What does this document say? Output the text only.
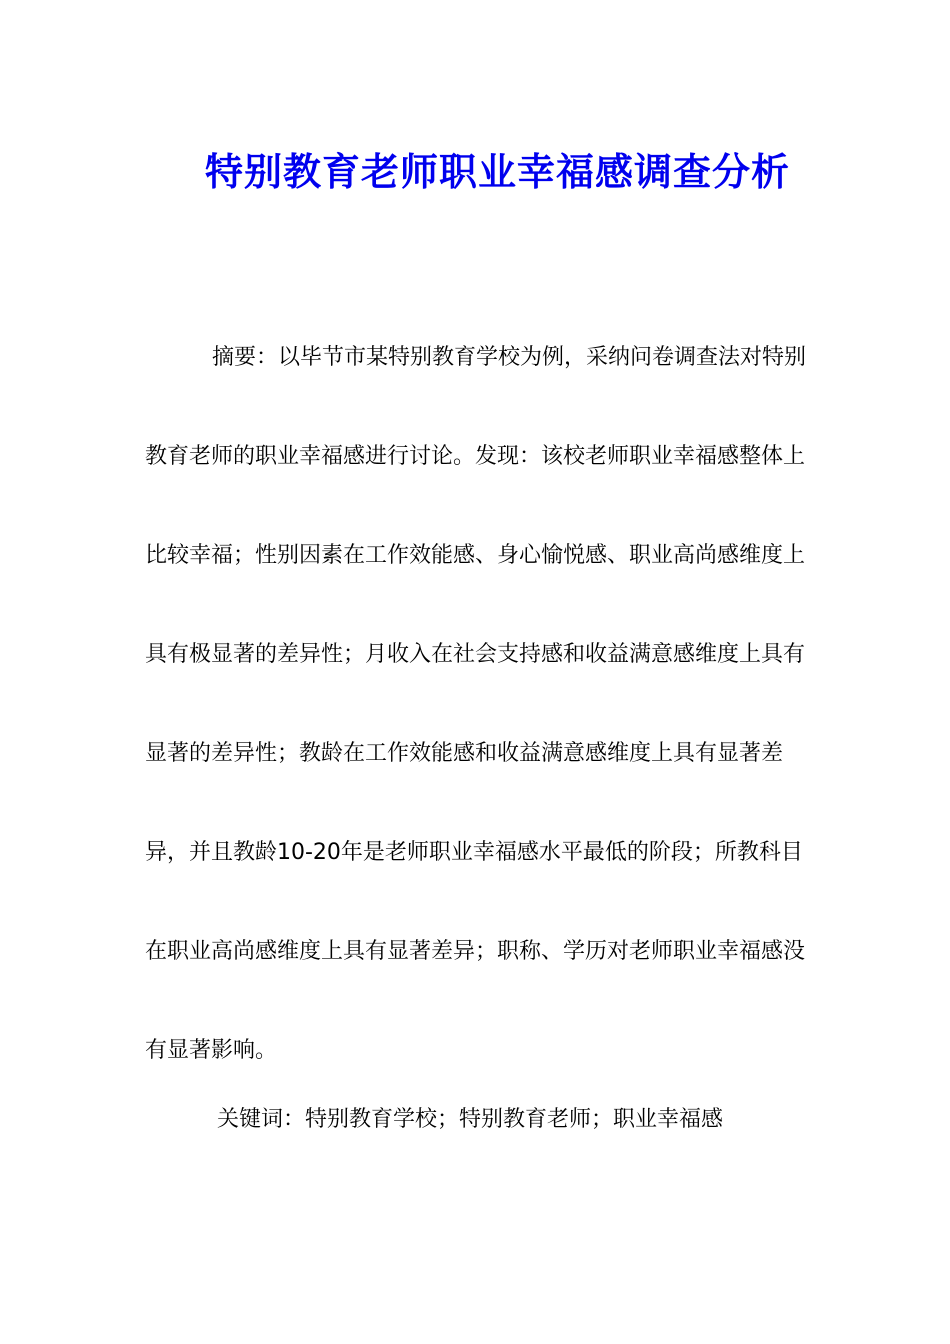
特别教育老师职业幸福感调查分析

摘要：以毕节市某特别教育学校为例，采纳问卷调查法对特别教育老师的职业幸福感进行讨论。发现：该校老师职业幸福感整体上比较幸福；性别因素在工作效能感、身心愉悦感、职业高尚感维度上具有极显著的差异性；月收入在社会支持感和收益满意感维度上具有显著的差异性；教龄在工作效能感和收益满意感维度上具有显著差异，并且教龄10-20年是老师职业幸福感水平最低的阶段；所教科目在职业高尚感维度上具有显著差异；职称、学历对老师职业幸福感没有显著影响。

关键词：特别教育学校；特别教育老师；职业幸福感
